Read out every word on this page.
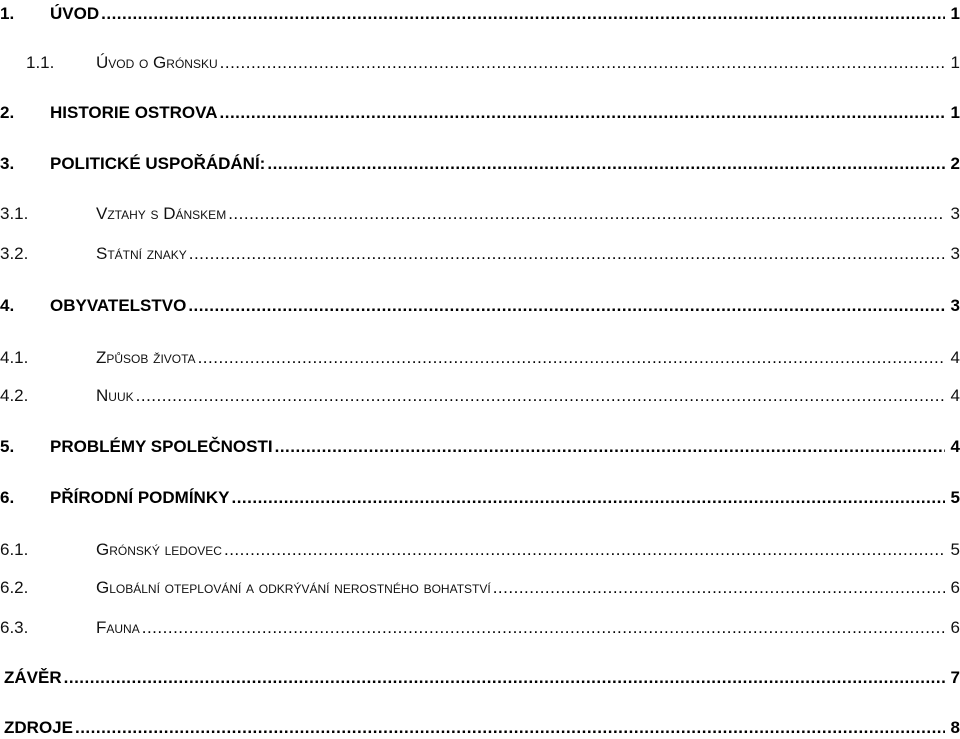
1.	ÚVOD .....	1
1.1.	Úvod o Grónsku .....	1
2.	HISTORIE OSTROVA .....	1
3.	POLITICKÉ USPOŘÁDÁNÍ: .....	2
3.1.	Vztahy s Dánskem .....	3
3.2.	Státní znaky .....	3
4.	OBYVATELSTVO .....	3
4.1.	Způsob života .....	4
4.2.	Nuuk .....	4
5.	PROBLÉMY SPOLEČNOSTI .....	4
6.	PŘÍRODNÍ PODMÍNKY .....	5
6.1.	Grónský ledovec .....	5
6.2.	Globální oteplování a odkrývání nerostného bohatství .....	6
6.3.	Fauna .....	6
ZÁVĚR .....	7
ZDROJE .....	8
